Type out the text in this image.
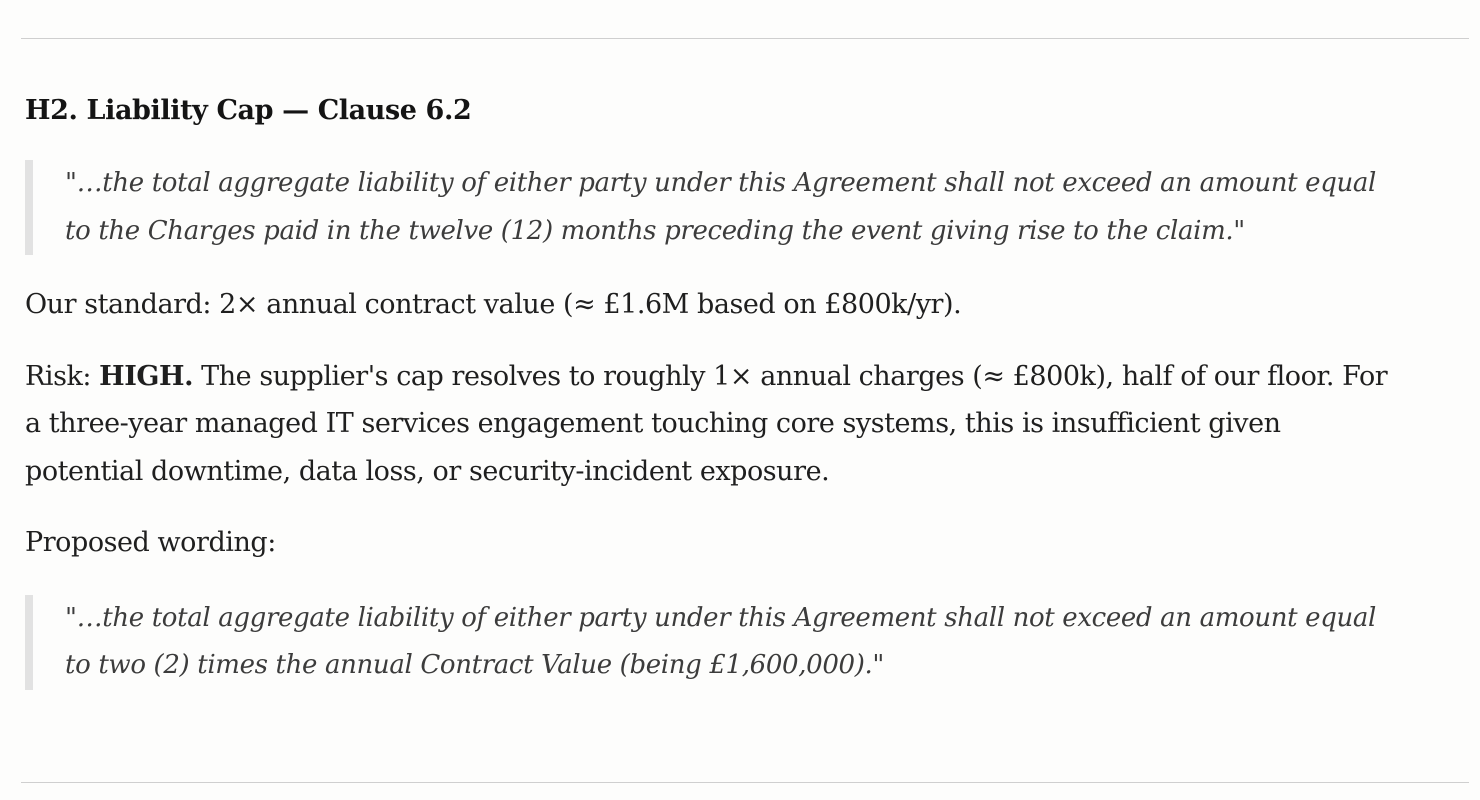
H2. Liability Cap — Clause 6.2
"…the total aggregate liability of either party under this Agreement shall not exceed an amount equal to the Charges paid in the twelve (12) months preceding the event giving rise to the claim."

Our standard: 2× annual contract value (≈ £1.6M based on £800k/yr).

Risk: HIGH. The supplier's cap resolves to roughly 1× annual charges (≈ £800k), half of our floor. For a three-year managed IT services engagement touching core systems, this is insufficient given potential downtime, data loss, or security-incident exposure.

Proposed wording:

"…the total aggregate liability of either party under this Agreement shall not exceed an amount equal to two (2) times the annual Contract Value (being £1,600,000)."
